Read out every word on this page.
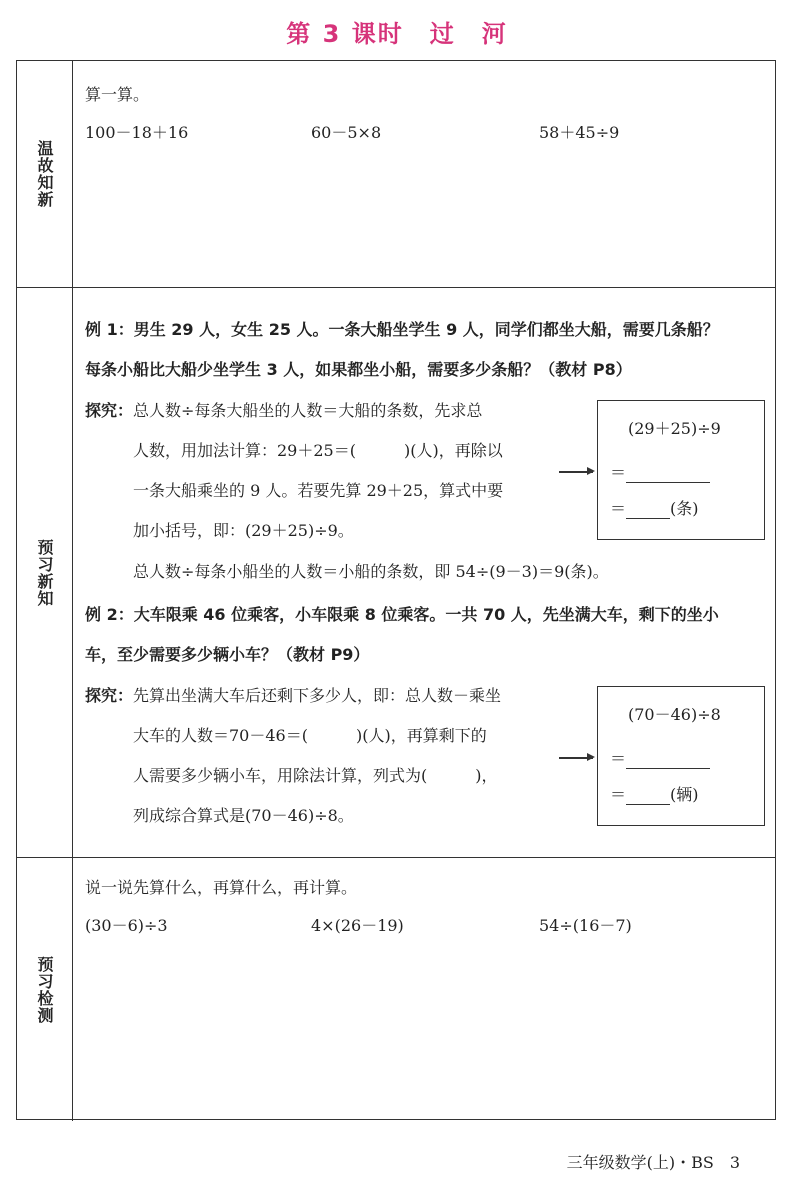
第 3 课时　过　河
温故知新
算一算。
100－18＋16	60－5×8	58＋45÷9
预习新知
例 1：男生 29 人，女生 25 人。一条大船坐学生 9 人，同学们都坐大船，需要几条船？
每条小船比大船少坐学生 3 人，如果都坐小船，需要多少条船？（教材 P8）
探究：总人数÷每条大船坐的人数＝大船的条数，先求总
人数，用加法计算：29＋25＝(　　　)(人)，再除以
一条大船乘坐的 9 人。若要先算 29＋25，算式中要
加小括号，即：(29＋25)÷9。
总人数÷每条小船坐的人数＝小船的条数，即 54÷(9－3)＝9(条)。
(29＋25)÷9
＝
＝	(条)
例 2：大车限乘 46 位乘客，小车限乘 8 位乘客。一共 70 人，先坐满大车，剩下的坐小
车，至少需要多少辆小车？（教材 P9）
探究：先算出坐满大车后还剩下多少人，即：总人数－乘坐
大车的人数＝70－46＝(　　　)(人)，再算剩下的
人需要多少辆小车，用除法计算，列式为(　　　)，
列成综合算式是(70－46)÷8。
(70－46)÷8
＝
＝	(辆)
预习检测
说一说先算什么，再算什么，再计算。
(30－6)÷3	4×(26－19)	54÷(16－7)
三年级数学(上)・BS　3
